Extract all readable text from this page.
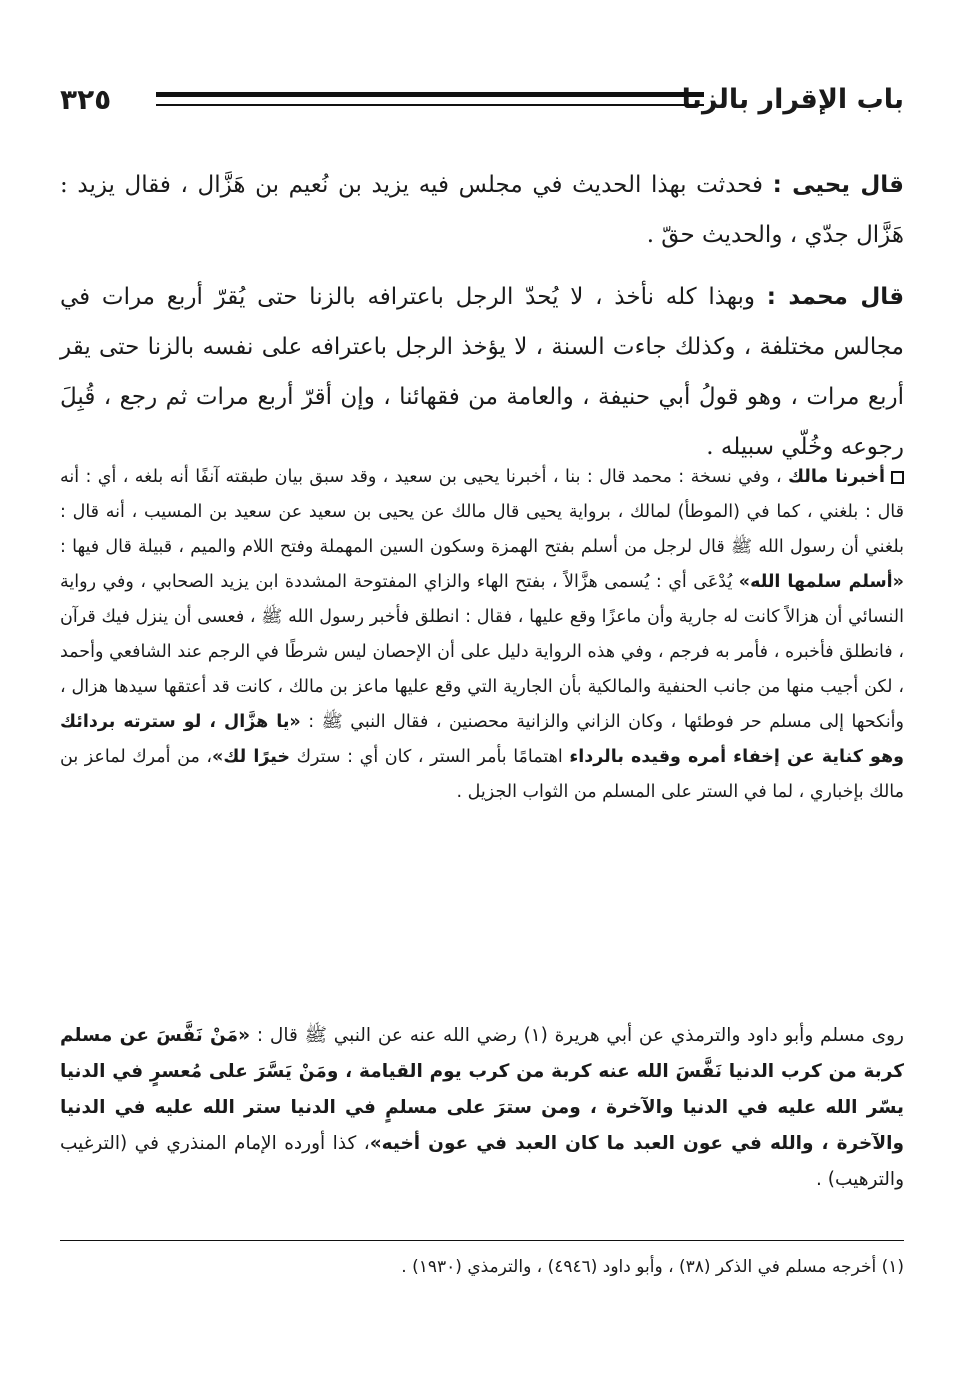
باب الإقرار بالزنا
٣٢٥

قال يحيى : فحدثت بهذا الحديث في مجلس فيه يزيد بن نُعيم بن هَزَّال ، فقال يزيد : هَزَّال جدّي ، والحديث حقّ .

قال محمد : وبهذا كله نأخذ ، لا يُحدّ الرجل باعترافه بالزنا حتى يُقرّ أربع مرات في مجالس مختلفة ، وكذلك جاءت السنة ، لا يؤخذ الرجل باعترافه على نفسه بالزنا حتى يقر أربع مرات ، وهو قولُ أبي حنيفة ، والعامة من فقهائنا ، وإن أقرّ أربع مرات ثم رجع ، قُبِلَ رجوعه وخُلّي سبيله .

أخبرنا مالك ، وفي نسخة : محمد قال : بنا ، أخبرنا يحيى بن سعيد ، وقد سبق بيان طبقته آنفًا أنه بلغه ، أي : أنه قال : بلغني ، كما في (الموطأ) لمالك ، برواية يحيى قال مالك عن يحيى بن سعيد عن سعيد بن المسيب ، أنه قال : بلغني أن رسول الله ﷺ قال لرجل من أسلم بفتح الهمزة وسكون السين المهملة وفتح اللام والميم ، قبيلة قال فيها : «أسلم سلمها الله» يُدْعَى أي : يُسمى هزَّالاً ، بفتح الهاء والزاي المفتوحة المشددة ابن يزيد الصحابي ، وفي رواية النسائي أن هزالاً كانت له جارية وأن ماعزًا وقع عليها ، فقال : انطلق فأخبر رسول الله ﷺ ، فعسى أن ينزل فيك قرآن ، فانطلق فأخبره ، فأمر به فرجم ، وفي هذه الرواية دليل على أن الإحصان ليس شرطًا في الرجم عند الشافعي وأحمد ، لكن أجيب منها من جانب الحنفية والمالكية بأن الجارية التي وقع عليها ماعز بن مالك ، كانت قد أعتقها سيدها هزال ، وأنكحها إلى مسلم حر فوطئها ، وكان الزاني والزانية محصنين ، فقال النبي ﷺ : «يا هزَّال ، لو سترته بردائك وهو كناية عن إخفاء أمره وقيده بالرداء اهتمامًا بأمر الستر ، كان أي : سترك خيرًا لك»، من أمرك لماعز بن مالك بإخباري ، لما في الستر على المسلم من الثواب الجزيل .

روى مسلم وأبو داود والترمذي عن أبي هريرة (١) رضي الله عنه عن النبي ﷺ قال : «مَنْ نَفَّسَ عن مسلم كربة من كرب الدنيا نَفَّسَ الله عنه كربة من كرب يوم القيامة ، ومَنْ يَسَّرَ على مُعسرٍ في الدنيا يسّر الله عليه في الدنيا والآخرة ، ومن سترَ على مسلمٍ في الدنيا ستر الله عليه في الدنيا والآخرة ، والله في عون العبد ما كان العبد في عون أخيه»، كذا أورده الإمام المنذري في (الترغيب والترهيب) .

(١) أخرجه مسلم في الذكر (٣٨) ، وأبو داود (٤٩٤٦) ، والترمذي (١٩٣٠) .
